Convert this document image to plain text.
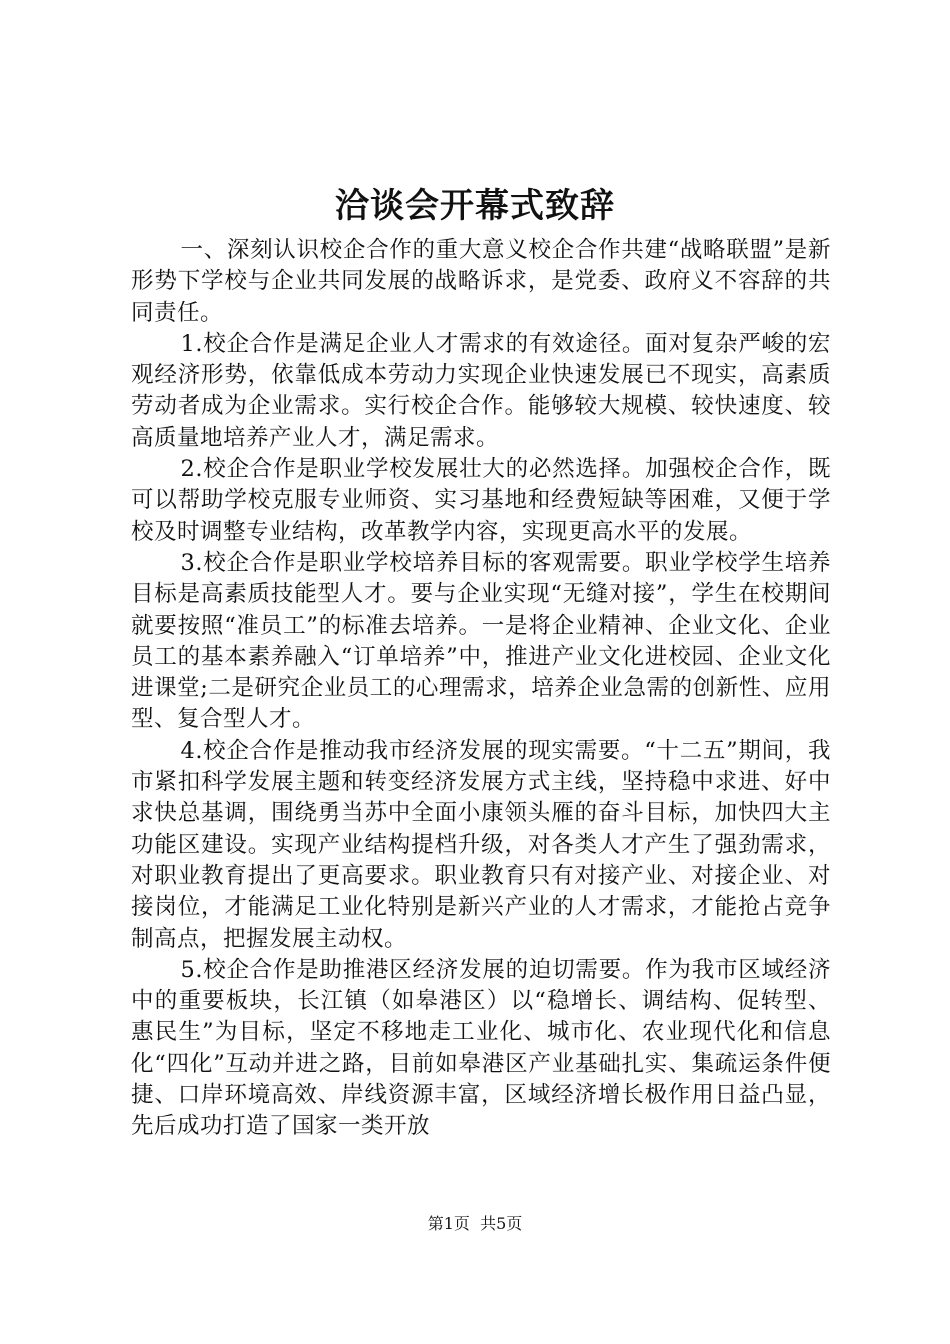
洽谈会开幕式致辞

一、深刻认识校企合作的重大意义校企合作共建“战略联盟”是新形势下学校与企业共同发展的战略诉求，是党委、政府义不容辞的共同责任。

1.校企合作是满足企业人才需求的有效途径。面对复杂严峻的宏观经济形势，依靠低成本劳动力实现企业快速发展已不现实，高素质劳动者成为企业需求。实行校企合作。能够较大规模、较快速度、较高质量地培养产业人才，满足需求。

2.校企合作是职业学校发展壮大的必然选择。加强校企合作，既可以帮助学校克服专业师资、实习基地和经费短缺等困难，又便于学校及时调整专业结构，改革教学内容，实现更高水平的发展。

3.校企合作是职业学校培养目标的客观需要。职业学校学生培养目标是高素质技能型人才。要与企业实现“无缝对接”，学生在校期间就要按照“准员工”的标准去培养。一是将企业精神、企业文化、企业员工的基本素养融入“订单培养”中，推进产业文化进校园、企业文化进课堂;二是研究企业员工的心理需求，培养企业急需的创新性、应用型、复合型人才。

4.校企合作是推动我市经济发展的现实需要。“十二五”期间，我市紧扣科学发展主题和转变经济发展方式主线，坚持稳中求进、好中求快总基调，围绕勇当苏中全面小康领头雁的奋斗目标，加快四大主功能区建设。实现产业结构提档升级，对各类人才产生了强劲需求，对职业教育提出了更高要求。职业教育只有对接产业、对接企业、对接岗位，才能满足工业化特别是新兴产业的人才需求，才能抢占竞争制高点，把握发展主动权。

5.校企合作是助推港区经济发展的迫切需要。作为我市区域经济中的重要板块，长江镇（如皋港区）以“稳增长、调结构、促转型、惠民生”为目标，坚定不移地走工业化、城市化、农业现代化和信息化“四化”互动并进之路，目前如皋港区产业基础扎实、集疏运条件便捷、口岸环境高效、岸线资源丰富，区域经济增长极作用日益凸显，先后成功打造了国家一类开放

第1页 共5页
